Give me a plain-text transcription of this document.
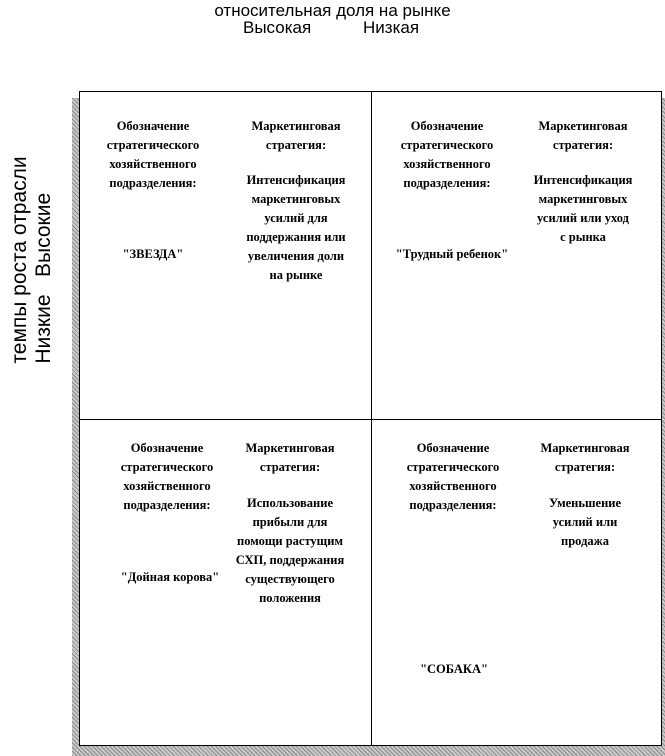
относительная доля на рынке
Высокая	Низкая
темпы роста отрасли Низкие   Высокие
Обозначение
стратегического
хозяйственного
подразделения:
"ЗВЕЗДА"
Маркетинговая
стратегия:
Интенсификация
маркетинговых
усилий для
поддержания или
увеличения доли
на рынке
Обозначение
стратегического
хозяйственного
подразделения:
"Трудный ребенок"
Маркетинговая
стратегия:
Интенсификация
маркетинговых
усилий или уход
с рынка
Обозначение
стратегического
хозяйственного
подразделения:
"Дойная корова"
Маркетинговая
стратегия:
Использование
прибыли для
помощи растущим
СХП, поддержания
существующего
положения
Обозначение
стратегического
хозяйственного
подразделения:
"СОБАКА"
Маркетинговая
стратегия:
Уменьшение
усилий или
продажа
